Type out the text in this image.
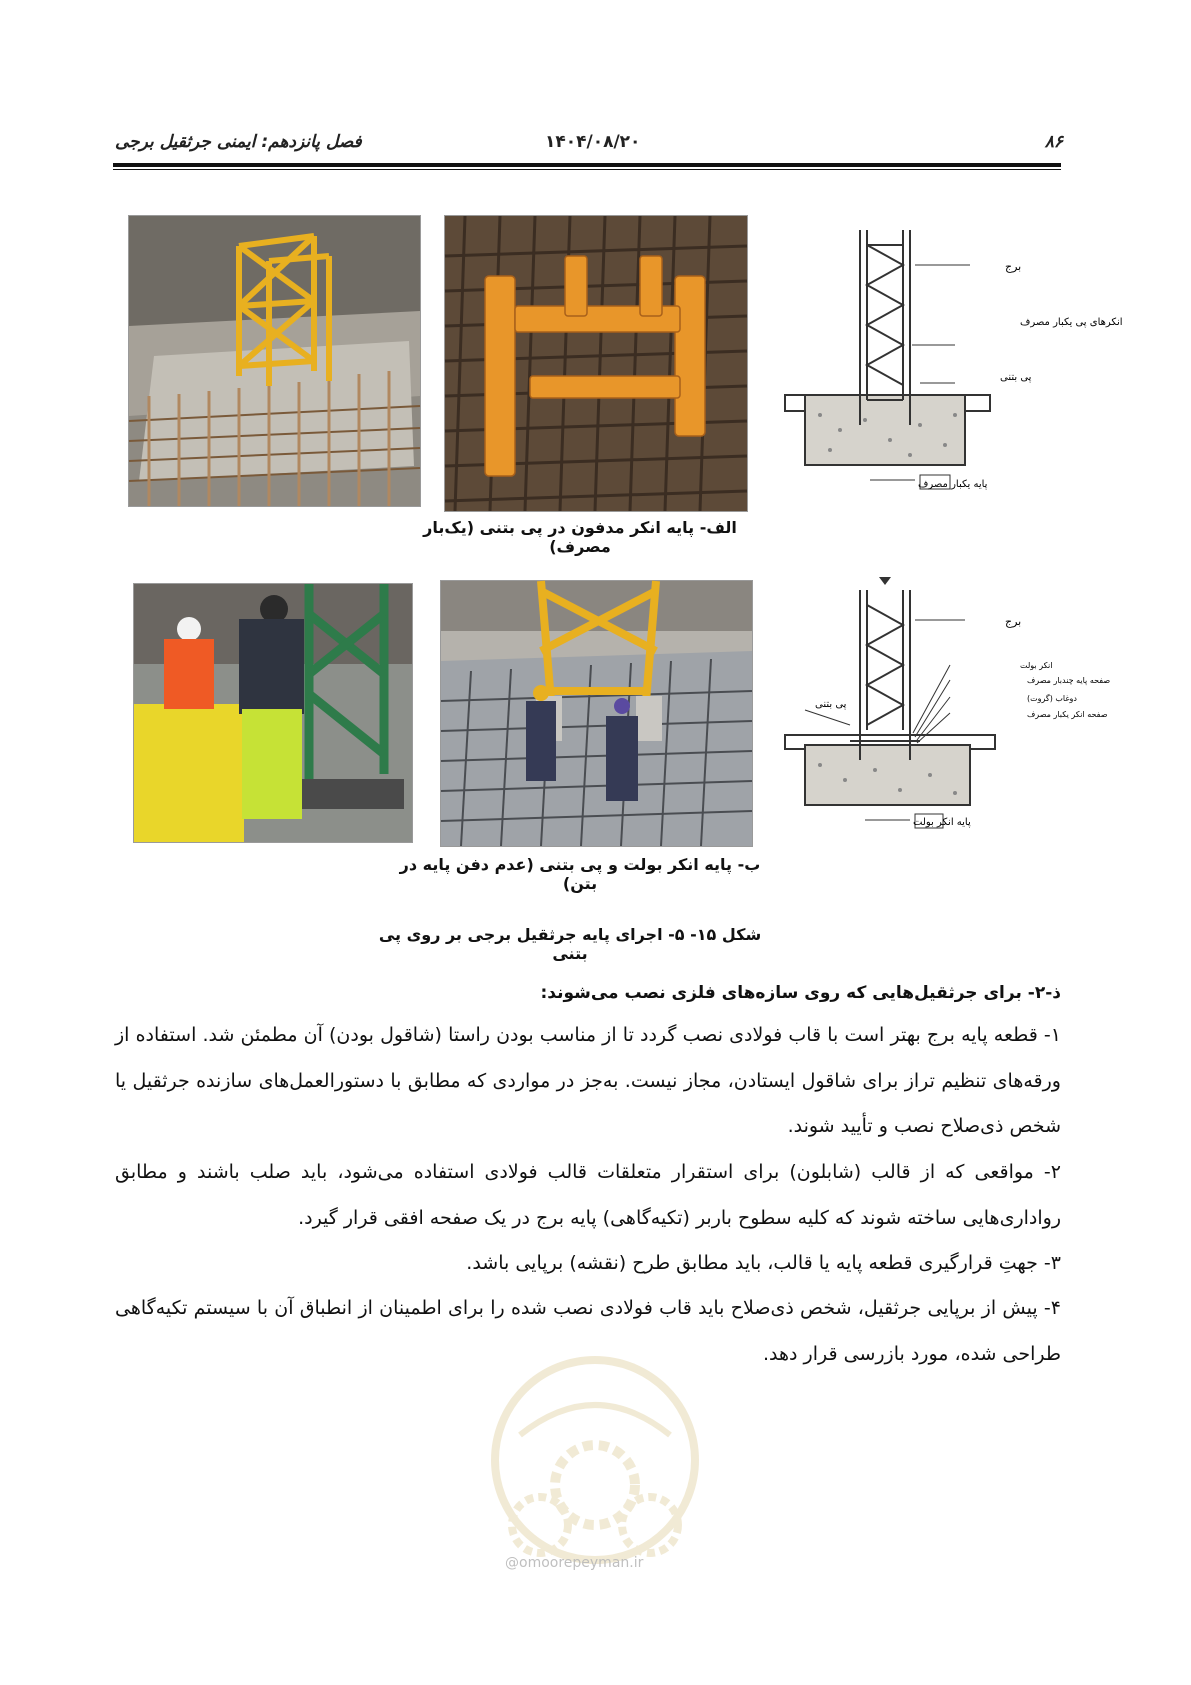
۸۶
۱۴۰۴/۰۸/۲۰
فصل پانزدهم: ایمنی جرثقیل برجی
برج
انکرهای پی یکبار مصرف
پی بتنی
پایه یکبار مصرف
الف- پایه انکر مدفون در پی بتنی (یک‌بار مصرف)
برج
انکر بولت
صفحه پایه چندبار مصرف
دوغاب (گروت)
صفحه انکر یکبار مصرف
پی بتنی
پایه انکر بولت
ب- پایه انکر بولت و پی بتنی (عدم دفن پایه در بتن)
شکل ۱۵- ۵- اجرای پایه جرثقیل برجی بر روی پی بتنی
ذ-۲- برای جرثقیل‌هایی که روی سازه‌های فلزی نصب می‌شوند:
۱- قطعه پایه برج بهتر است با قاب فولادی نصب گردد تا از مناسب بودن راستا (شاقول بودن) آن مطمئن شد. استفاده از ورقه‌های تنظیم تراز برای شاقول ایستادن، مجاز نیست. به‌جز در مواردی که مطابق با دستورالعمل‌های سازنده جرثقیل یا شخص ذی‌صلاح نصب و تأیید شوند.
۲- مواقعی که از قالب (شابلون) برای استقرار متعلقات قالب فولادی استفاده می‌شود، باید صلب باشند و مطابق رواداری‌هایی ساخته شوند که کلیه سطوح باربر (تکیه‌گاهی) پایه برج در یک صفحه افقی قرار گیرد.
۳- جهتِ قرارگیری قطعه پایه یا قالب، باید مطابق طرح (نقشه) برپایی باشد.
۴- پیش از برپایی جرثقیل، شخص ذی‌صلاح باید قاب فولادی نصب شده را برای اطمینان از انطباق آن با سیستم تکیه‌گاهی طراحی شده، مورد بازرسی قرار دهد.
@omoorepeyman.ir
